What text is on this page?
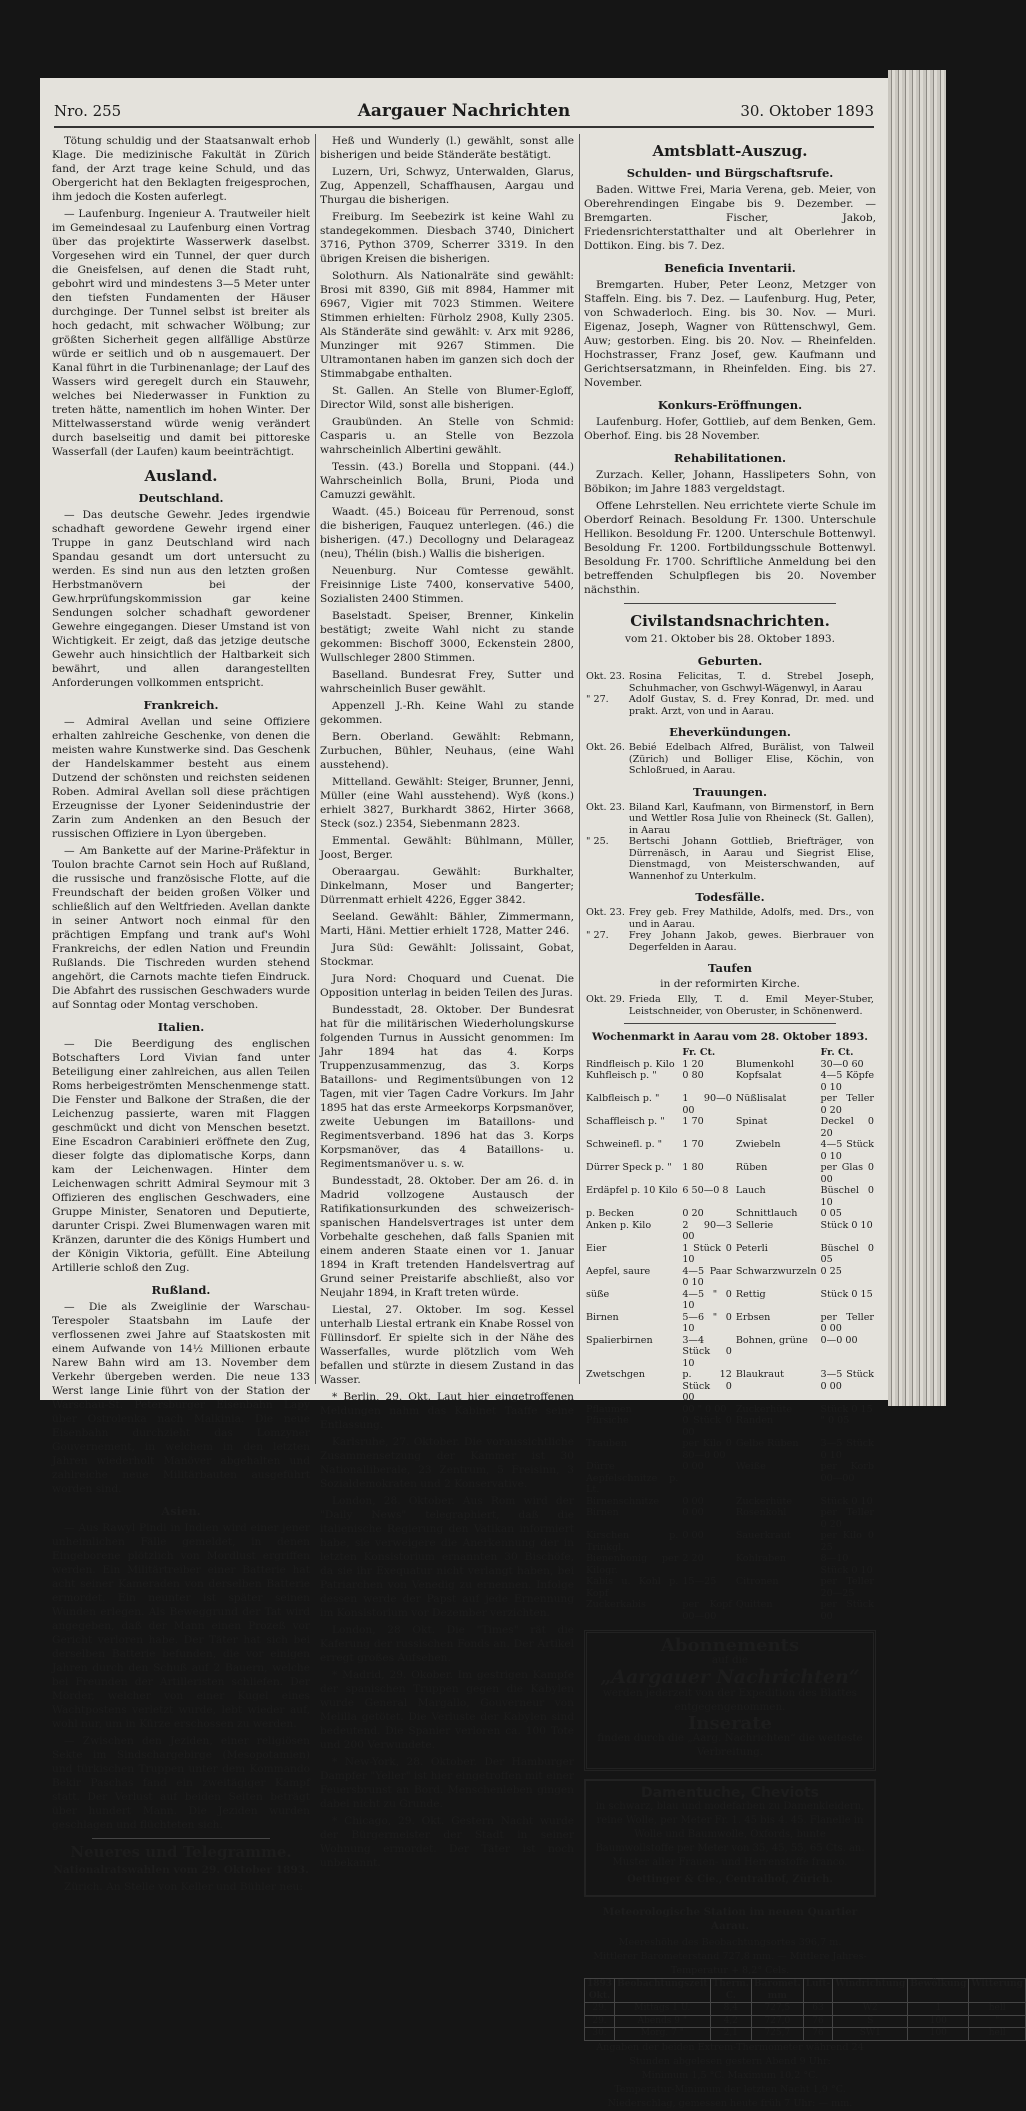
Nro. 255	Aargauer Nachrichten	30. Oktober 1893

Tötung schuldig und der Staatsanwalt erhob Klage. Die medizinische Fakultät in Zürich fand, der Arzt trage keine Schuld, und das Obergericht hat den Beklagten freigesprochen, ihm jedoch die Kosten auferlegt.

— Laufenburg. Ingenieur A. Trautweiler hielt im Gemeindesaal zu Laufenburg einen Vortrag über das projektirte Wasserwerk daselbst. Vorgesehen wird ein Tunnel, der quer durch die Gneisfelsen, auf denen die Stadt ruht, gebohrt wird und mindestens 3—5 Meter unter den tiefsten Fundamenten der Häuser durchginge. Der Tunnel selbst ist breiter als hoch gedacht, mit schwacher Wölbung; zur größten Sicherheit gegen allfällige Abstürze würde er seitlich und ob n ausgemauert. Der Kanal führt in die Turbinenanlage; der Lauf des Wassers wird geregelt durch ein Stauwehr, welches bei Niederwasser in Funktion zu treten hätte, namentlich im hohen Winter. Der Mittelwasserstand würde wenig verändert durch baselseitig und damit bei pittoreske Wasserfall (der Laufen) kaum beeinträchtigt.

Ausland.
Deutschland.

— Das deutsche Gewehr. Jedes irgendwie schadhaft gewordene Gewehr irgend einer Truppe in ganz Deutschland wird nach Spandau gesandt um dort untersucht zu werden. Es sind nun aus den letzten großen Herbstmanövern bei der Gew.hrprüfungskommission gar keine Sendungen solcher schadhaft gewordener Gewehre eingegangen. Dieser Umstand ist von Wichtigkeit. Er zeigt, daß das jetzige deutsche Gewehr auch hinsichtlich der Haltbarkeit sich bewährt, und allen darangestellten Anforderungen vollkommen entspricht.

Frankreich.

— Admiral Avellan und seine Offiziere erhalten zahlreiche Geschenke, von denen die meisten wahre Kunstwerke sind. Das Geschenk der Handelskammer besteht aus einem Dutzend der schönsten und reichsten seidenen Roben. Admiral Avellan soll diese prächtigen Erzeugnisse der Lyoner Seidenindustrie der Zarin zum Andenken an den Besuch der russischen Offiziere in Lyon übergeben.

— Am Bankette auf der Marine-Präfektur in Toulon brachte Carnot sein Hoch auf Rußland, die russische und französische Flotte, auf die Freundschaft der beiden großen Völker und schließlich auf den Weltfrieden. Avellan dankte in seiner Antwort noch einmal für den prächtigen Empfang und trank auf's Wohl Frankreichs, der edlen Nation und Freundin Rußlands. Die Tischreden wurden stehend angehört, die Carnots machte tiefen Eindruck. Die Abfahrt des russischen Geschwaders wurde auf Sonntag oder Montag verschoben.

Italien.

— Die Beerdigung des englischen Botschafters Lord Vivian fand unter Beteiligung einer zahlreichen, aus allen Teilen Roms herbeigeströmten Menschenmenge statt. Die Fenster und Balkone der Straßen, die der Leichenzug passierte, waren mit Flaggen geschmückt und dicht von Menschen besetzt. Eine Escadron Carabinieri eröffnete den Zug, dieser folgte das diplomatische Korps, dann kam der Leichenwagen. Hinter dem Leichenwagen schritt Admiral Seymour mit 3 Offizieren des englischen Geschwaders, eine Gruppe Minister, Senatoren und Deputierte, darunter Crispi. Zwei Blumenwagen waren mit Kränzen, darunter die des Königs Humbert und der Königin Viktoria, gefüllt. Eine Abteilung Artillerie schloß den Zug.

Rußland.

— Die als Zweiglinie der Warschau-Terespoler Staatsbahn im Laufe der verflossenen zwei Jahre auf Staatskosten mit einem Aufwande von 14½ Millionen erbaute Narew Bahn wird am 13. November dem Verkehr übergeben werden. Die neue 133 Werst lange Linie führt von der Station der Warschau-St. Petersburger Eisenbahn Lapy über Ostrolenka nach Malkinia. Die neue Eisenbahn durchzieht das Lomzyner Gouvernement, in welchem in den letzten Jahren wiederholt Manöver abgehalten und zahlreiche neue Militärbauten ausgeführt worden sind.

Asien.

— Aus Rawyl Pindi in Indien wird einer jener unheimlichen Fälle gemeldet, in denen Eingeborene plötzlich von Mordlust ergriffen werden. Ein Militärtreiber einer Batterie hat acht seiner Kameraden von derselben Batterie ermordet. Ein neunter ist später seinen Wunden erlegen. Als Beweggrund der Tat wird angegeben, daß der Mann einen Prozeß vor Gericht verloren habe. Der Täter hat sich bei derselben Batterie befunden, die vor einigen Jahren durch den Schuß auf 2 Bauern, welche bei Freunden der Artilleristen schliefen. Der Mörder, welcher von einer Kugel eines Wachtpostens verletzt wurde, lebt wieder auf, wohl nur, um in Kürze erschossen zu werden.

— Zwischen den Jeziden, einer religiösen Sekte im Sindschargebirge (Mesopotamien) und türkischen Truppen unter dem Kommando Bekir Paschas fand ein zweitägiger Kampf statt. Der Verlust auf beiden Seiten beträgt über hundert Mann. Die Jeziden wurden geschlagen und flüchteten sich.

Neueres und Telegramme.
Nationalratswahlen vom 29. Oktober 1893.

Zürich. An Stelle von Keller und Bühler neu:

Heß und Wunderly (l.) gewählt, sonst alle bisherigen und beide Ständeräte bestätigt.

Luzern, Uri, Schwyz, Unterwalden, Glarus, Zug, Appenzell, Schaffhausen, Aargau und Thurgau die bisherigen.

Freiburg. Im Seebezirk ist keine Wahl zu standegekommen. Diesbach 3740, Dinichert 3716, Python 3709, Scherrer 3319. In den übrigen Kreisen die bisherigen.

Solothurn. Als Nationalräte sind gewählt: Brosi mit 8390, Giß mit 8984, Hammer mit 6967, Vigier mit 7023 Stimmen. Weitere Stimmen erhielten: Fürholz 2908, Kully 2305. Als Ständeräte sind gewählt: v. Arx mit 9286, Munzinger mit 9267 Stimmen. Die Ultramontanen haben im ganzen sich doch der Stimmabgabe enthalten.

St. Gallen. An Stelle von Blumer-Egloff, Director Wild, sonst alle bisherigen.

Graubünden. An Stelle von Schmid: Casparis u. an Stelle von Bezzola wahrscheinlich Albertini gewählt.

Tessin. (43.) Borella und Stoppani. (44.) Wahrscheinlich Bolla, Bruni, Pioda und Camuzzi gewählt.

Waadt. (45.) Boiceau für Perrenoud, sonst die bisherigen, Fauquez unterlegen. (46.) die bisherigen. (47.) Decollogny und Delarageaz (neu), Thélin (bish.) Wallis die bisherigen.

Neuenburg. Nur Comtesse gewählt. Freisinnige Liste 7400, konservative 5400, Sozialisten 2400 Stimmen.

Baselstadt. Speiser, Brenner, Kinkelin bestätigt; zweite Wahl nicht zu stande gekommen: Bischoff 3000, Eckenstein 2800, Wullschleger 2800 Stimmen.

Baselland. Bundesrat Frey, Sutter und wahrscheinlich Buser gewählt.

Appenzell J.-Rh. Keine Wahl zu stande gekommen.

Bern. Oberland. Gewählt: Rebmann, Zurbuchen, Bühler, Neuhaus, (eine Wahl ausstehend).

Mittelland. Gewählt: Steiger, Brunner, Jenni, Müller (eine Wahl ausstehend). Wyß (kons.) erhielt 3827, Burkhardt 3862, Hirter 3668, Steck (soz.) 2354, Siebenmann 2823.

Emmental. Gewählt: Bühlmann, Müller, Joost, Berger.

Oberaargau. Gewählt: Burkhalter, Dinkelmann, Moser und Bangerter; Dürrenmatt erhielt 4226, Egger 3842.

Seeland. Gewählt: Bähler, Zimmermann, Marti, Häni. Mettier erhielt 1728, Matter 246.

Jura Süd: Gewählt: Jolissaint, Gobat, Stockmar.

Jura Nord: Choquard und Cuenat. Die Opposition unterlag in beiden Teilen des Juras.

Bundesstadt, 28. Oktober. Der Bundesrat hat für die militärischen Wiederholungskurse folgenden Turnus in Aussicht genommen: Im Jahr 1894 hat das 4. Korps Truppenzusammenzug, das 3. Korps Bataillons- und Regimentsübungen von 12 Tagen, mit vier Tagen Cadre Vorkurs. Im Jahr 1895 hat das erste Armeekorps Korpsmanöver, zweite Uebungen im Bataillons- und Regimentsverband. 1896 hat das 3. Korps Korpsmanöver, das 4 Bataillons- u. Regimentsmanöver u. s. w.

Bundesstadt, 28. Oktober. Der am 26. d. in Madrid vollzogene Austausch der Ratifikationsurkunden des schweizerisch-spanischen Handelsvertrages ist unter dem Vorbehalte geschehen, daß falls Spanien mit einem anderen Staate einen vor 1. Januar 1894 in Kraft tretenden Handelsvertrag auf Grund seiner Preistarife abschließt, also vor Neujahr 1894, in Kraft treten würde.

Liestal, 27. Oktober. Im sog. Kessel unterhalb Liestal ertrank ein Knabe Rossel von Füllinsdorf. Er spielte sich in der Nähe des Wasserfalles, wurde plötzlich vom Weh befallen und stürzte in diesem Zustand in das Wasser.

* Berlin, 29. Okt. Laut hier eingetroffenen Meldungen nahm das Kabinet Taaffe seine Entlassung.

Karlsruhe, 27. Oktober. Die voraussichtliche Zusammensetzung der Kammer ist 30 Nationalliberale, 23 Zentrum, 5 Freisinn, 3 Sozialdemokraten und 2 Konservative.

London, 28. Oktober. Aus Rom wird der "Daily News" telegraphiert, daß die italienische Regierung den Vatikan informiert habe, sie verweigere die Anerkennung der in letzten Konsistorium ernannten 30 Bischöfe, da sie ihr Exequatur nicht verlangt haben, bei Patriarchen von Venedig zu ernennen. Infolge dessen werde der Papst auf jede Ernennung im Konsistorium vor Dezember verzichten.

London, 28 Okt. Die "Times" rät die Kaferung der russischen Fonds an. Der Artikel erregt großes Aufsehen.

* Madrid, 29. Okober. Im gestrigen Kampfe der spanischen Truppen gegen die Kabylen wurde General Margallo, Gouverneur von Melilla getötet. Die Verluste der Kabylen sind bedeutend. Die Spanier verloren ca. 100 Tote und 200 Verwundete.

* New-York, 28. Oktober. Der Hamburger Dampfer "Yeller" ist hier eingetroffen mit einer Feuersbrunst an Bord. Menschenleben gingen dabei nicht zu Grunde.

* Chicago, 29. Okt. Gestern Nacht wurde der Bürgermeister der Stadt in seiner Wohnung ermordet. Der Täter ist noch unbekannt.

Amtsblatt-Auszug.
Schulden- und Bürgschaftsrufe.

Baden. Wittwe Frei, Maria Verena, geb. Meier, von Oberehrendingen Eingabe bis 9. Dezember. — Bremgarten. Fischer, Jakob, Friedensrichterstatthalter und alt Oberlehrer in Dottikon. Eing. bis 7. Dez.

Beneficia Inventarii.

Bremgarten. Huber, Peter Leonz, Metzger von Staffeln. Eing. bis 7. Dez. — Laufenburg. Hug, Peter, von Schwaderloch. Eing. bis 30. Nov. — Muri. Eigenaz, Joseph, Wagner von Rüttenschwyl, Gem. Auw; gestorben. Eing. bis 20. Nov. — Rheinfelden. Hochstrasser, Franz Josef, gew. Kaufmann und Gerichtsersatzmann, in Rheinfelden. Eing. bis 27. November.

Konkurs-Eröffnungen.

Laufenburg. Hofer, Gottlieb, auf dem Benken, Gem. Oberhof. Eing. bis 28 November.

Rehabilitationen.

Zurzach. Keller, Johann, Hasslipeters Sohn, von Böbikon; im Jahre 1883 vergeldstagt.

Offene Lehrstellen. Neu errichtete vierte Schule im Oberdorf Reinach. Besoldung Fr. 1300. Unterschule Hellikon. Besoldung Fr. 1200. Unterschule Bottenwyl. Besoldung Fr. 1200. Fortbildungsschule Bottenwyl. Besoldung Fr. 1700. Schriftliche Anmeldung bei den betreffenden Schulpflegen bis 20. November nächsthin.

Civilstandsnachrichten.
vom 21. Oktober bis 28. Oktober 1893.
Geburten.
Okt. 23.	Rosina Felicitas, T. d. Strebel Joseph, Schuhmacher, von Gschwyl-Wägenwyl, in Aarau
" 27.	Adolf Gustav, S. d. Frey Konrad, Dr. med. und prakt. Arzt, von und in Aarau.
Eheverkündungen.
Okt. 26.	Bebié Edelbach Alfred, Burälist, von Talweil (Zürich) und Bolliger Elise, Köchin, von Schloßrued, in Aarau.
Trauungen.
Okt. 23.	Biland Karl, Kaufmann, von Birmenstorf, in Bern und Wettler Rosa Julie von Rheineck (St. Gallen), in Aarau
" 25.	Bertschi Johann Gottlieb, Briefträger, von Dürrenäsch, in Aarau und Siegrist Elise, Dienstmagd, von Meisterschwanden, auf Wannenhof zu Unterkulm.
Todesfälle.
Okt. 23.	Frey geb. Frey Mathilde, Adolfs, med. Drs., von und in Aarau.
" 27.	Frey Johann Jakob, gewes. Bierbrauer von Degerfelden in Aarau.
Taufen
in der reformirten Kirche.
Okt. 29.	Frieda Elly, T. d. Emil Meyer-Stuber, Leistschneider, von Oberuster, in Schönenwerd.
Wochenmarkt in Aarau vom 28. Oktober 1893.
	Fr. Ct.		Fr. Ct.
Rindfleisch p. Kilo	1 20	Blumenkohl	30—0 60
Kuhfleisch p. "	0 80	Kopfsalat	4—5 Köpfe 0 10
Kalbfleisch p. "	1 90—0 00	Nüßlisalat	per Teller 0 20
Schaffleisch p. "	1 70	Spinat	Deckel 0 20
Schweinefl. p. "	1 70	Zwiebeln	4—5 Stück 0 10
Dürrer Speck p. "	1 80	Rüben	per Glas 0 00
Erdäpfel p. 10 Kilo	6 50—0 8	Lauch	Büschel 0 10
p. Becken	0 20	Schnittlauch	0 05
Anken p. Kilo	2 90—3 00	Sellerie	Stück 0 10
Eier	1 Stück 0 10	Peterli	Büschel 0 05
Aepfel, saure	4—5 Paar 0 10	Schwarzwurzeln	0 25
süße	4—5 " 0 10	Rettig	Stück 0 15
Birnen	5—6 " 0 10	Erbsen	per Teller 0 00
Spalierbirnen	3—4 Stück 0 10	Bohnen, grüne	0—0 00
Zwetschgen	p. 12 Stück 0 00	Blaukraut	3—5 Stück 0 00
Pflaumen	00 " 0 00	Zuckerhüte	Stück 0 15
Pfirsiche	0 Stück 0 00	Randen	" 0 05
Trauben	per Kilo 0 80—0 00	Gelbe Rüben	3—5 Stück 0 10
Dürre Aepfelschnitze p. Lt.	0 00	Weiße	per Korb 00—00
Birnenschnitze	0 00	Zuckerhüte	Stück 0 10
Birnen	0 00	Rosenkohl	per Teller 0 20
Kirschen p. Trinkgl.	0 00	Sauerkraut	per Kilo 0 25
Bienenhonig per Kilogr.	2 20	Kohlraben	8—10 Stück 0 10
Kabis u. Kohl p. Kopf	15—25	Citronen	per Teller 20—25
Zuckerkabis	per Kopf 00—00	Quitten	per Stück 00
Abonnements

auf die

„Aargauer Nachrichten“

werden jederzeit von der Expedition des Blattes entgegengenommen.

Inserate

finden durch die „Aarg. Nachrichten“ die weiteste Verbreitung.

Damentuche, Cheviots

in schwarz, blau und modefarben zu Damenkleidern, reine Wolle, per Meter Fr. 1. 45 bis 4. 45. Flanelle in Wolle und Baumwolle, Oxfords, bunte Baumwollstoffe per Meter von 35, 45, 55, 65 Cts. an. Muster aller Frauen- und Herrenstoffe franco.

Oettinger & Cie., Centralhof, Zürich.

Meteorologische Station im neuen Quartier Aarau.
Meereshöhe des Beobachtungsortes 396,7 m.
Mittlerer Barometerstand 727,8 mm. — Mittlere Jahres-Temperatur + 8,2° Cels.
1893 Okt.	Beobachtungszeit	Therm. C.	Baromet. mm	Luft-	Windrichtung	Bewölkung	Witterung
29.	Mittags 1 U.	8,4	727,5	63	W2	1	hell
29.	Abends 9 "	4,2	727,0	76	S	100	"
30.	Morg. 7 "	2,1	725,7	76	SW1	100	hell
Angaben der beiden Extrem-Thermometer während 24 Stunden abgelesen gestern Abend 9 Uhr:
Minimum 1,5 °C. Maximum 10,2 °C.
Temperatur-Minimum der letzten Nacht 1,9 °C.
Niederschlag, gemessen heute früh 7 Uhr: — mm.
